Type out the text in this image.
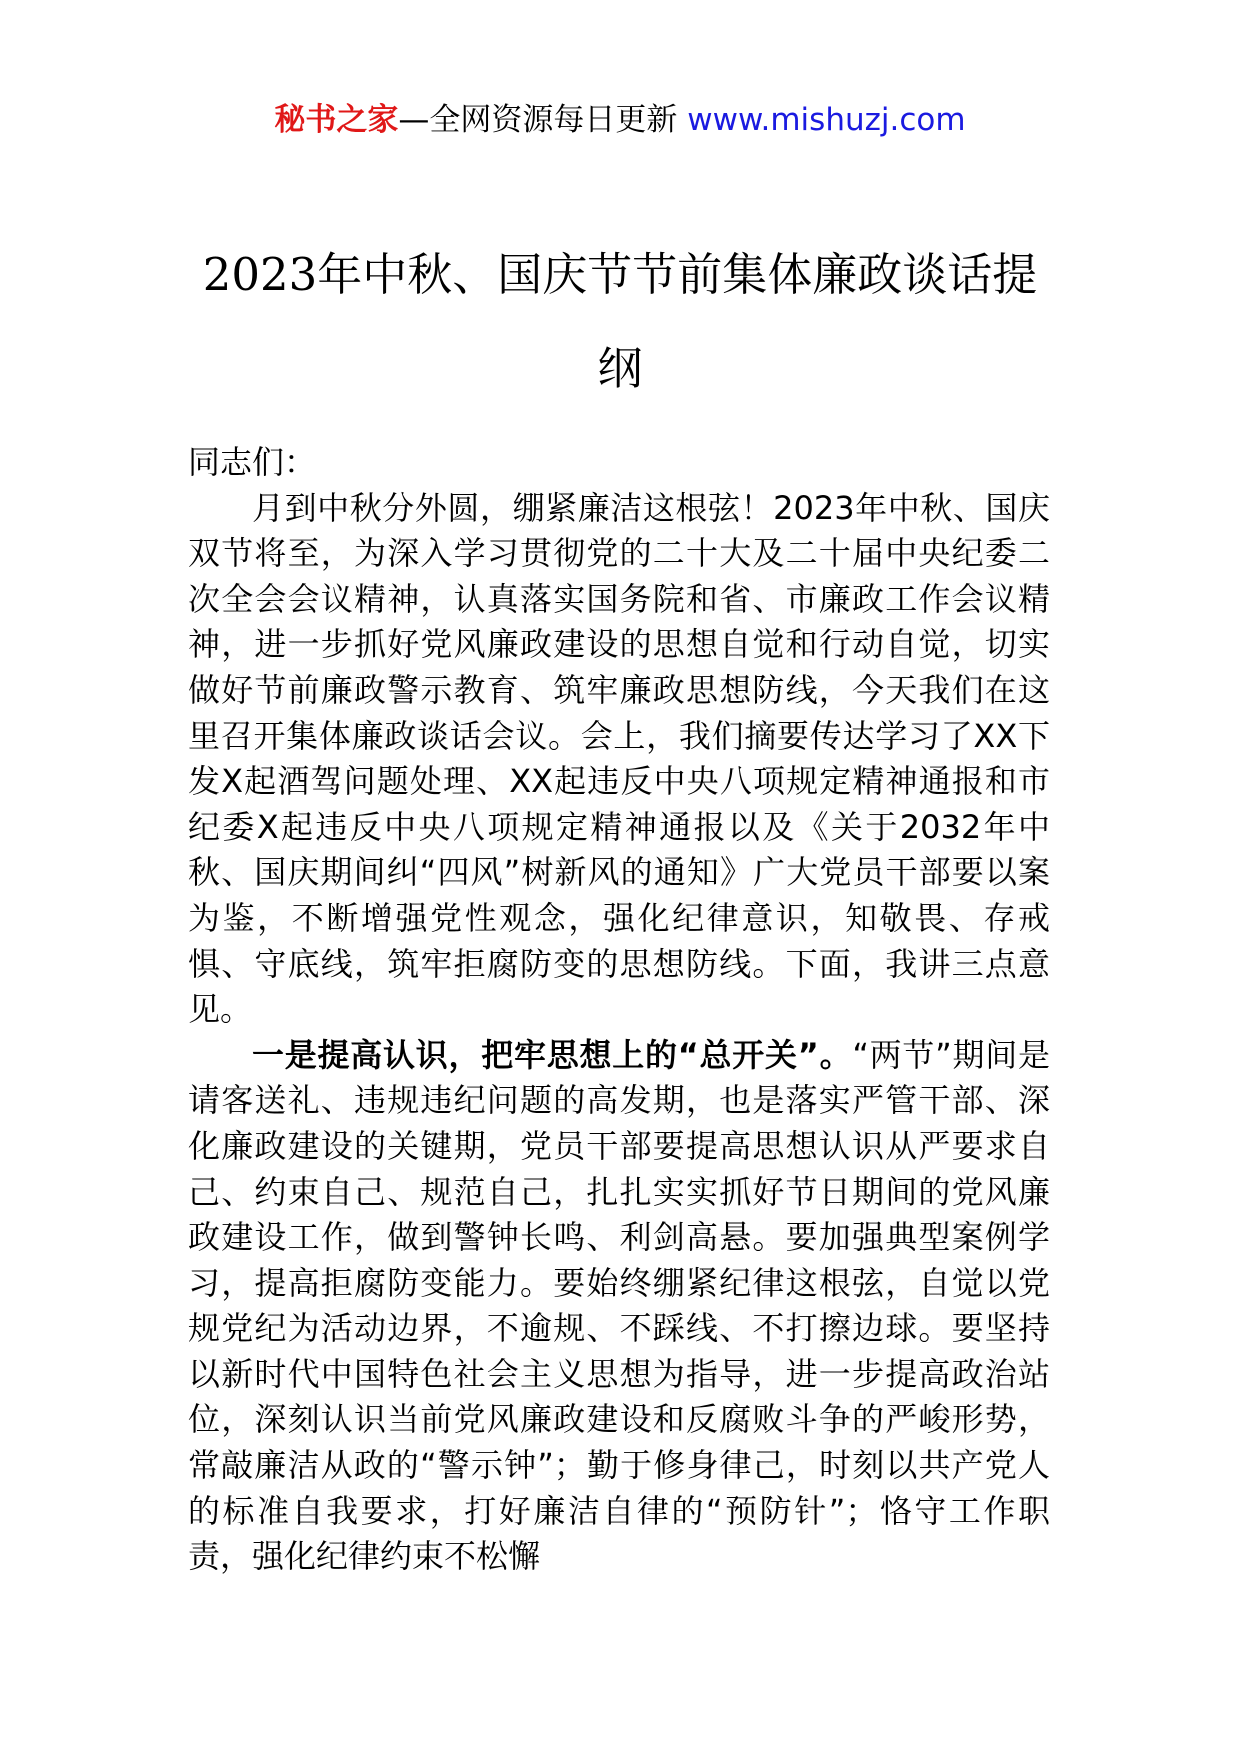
秘书之家—全网资源每日更新 www.mishuzj.com
2023年中秋、国庆节节前集体廉政谈话提纲

同志们：

月到中秋分外圆，绷紧廉洁这根弦！2023年中秋、国庆双节将至，为深入学习贯彻党的二十大及二十届中央纪委二次全会会议精神，认真落实国务院和省、市廉政工作会议精神，进一步抓好党风廉政建设的思想自觉和行动自觉，切实做好节前廉政警示教育、筑牢廉政思想防线，今天我们在这里召开集体廉政谈话会议。会上，我们摘要传达学习了XX下发X起酒驾问题处理、XX起违反中央八项规定精神通报和市纪委X起违反中央八项规定精神通报以及《关于2032年中秋、国庆期间纠“四风”树新风的通知》广大党员干部要以案为鉴，不断增强党性观念，强化纪律意识，知敬畏、存戒惧、守底线，筑牢拒腐防变的思想防线。下面，我讲三点意见。

一是提高认识，把牢思想上的“总开关”。“两节”期间是请客送礼、违规违纪问题的高发期，也是落实严管干部、深化廉政建设的关键期，党员干部要提高思想认识从严要求自己、约束自己、规范自己，扎扎实实抓好节日期间的党风廉政建设工作，做到警钟长鸣、利剑高悬。要加强典型案例学习，提高拒腐防变能力。要始终绷紧纪律这根弦，自觉以党规党纪为活动边界，不逾规、不踩线、不打擦边球。要坚持以新时代中国特色社会主义思想为指导，进一步提高政治站位，深刻认识当前党风廉政建设和反腐败斗争的严峻形势，常敲廉洁从政的“警示钟”；勤于修身律己，时刻以共产党人的标准自我要求，打好廉洁自律的“预防针”；恪守工作职责，强化纪律约束不松懈
